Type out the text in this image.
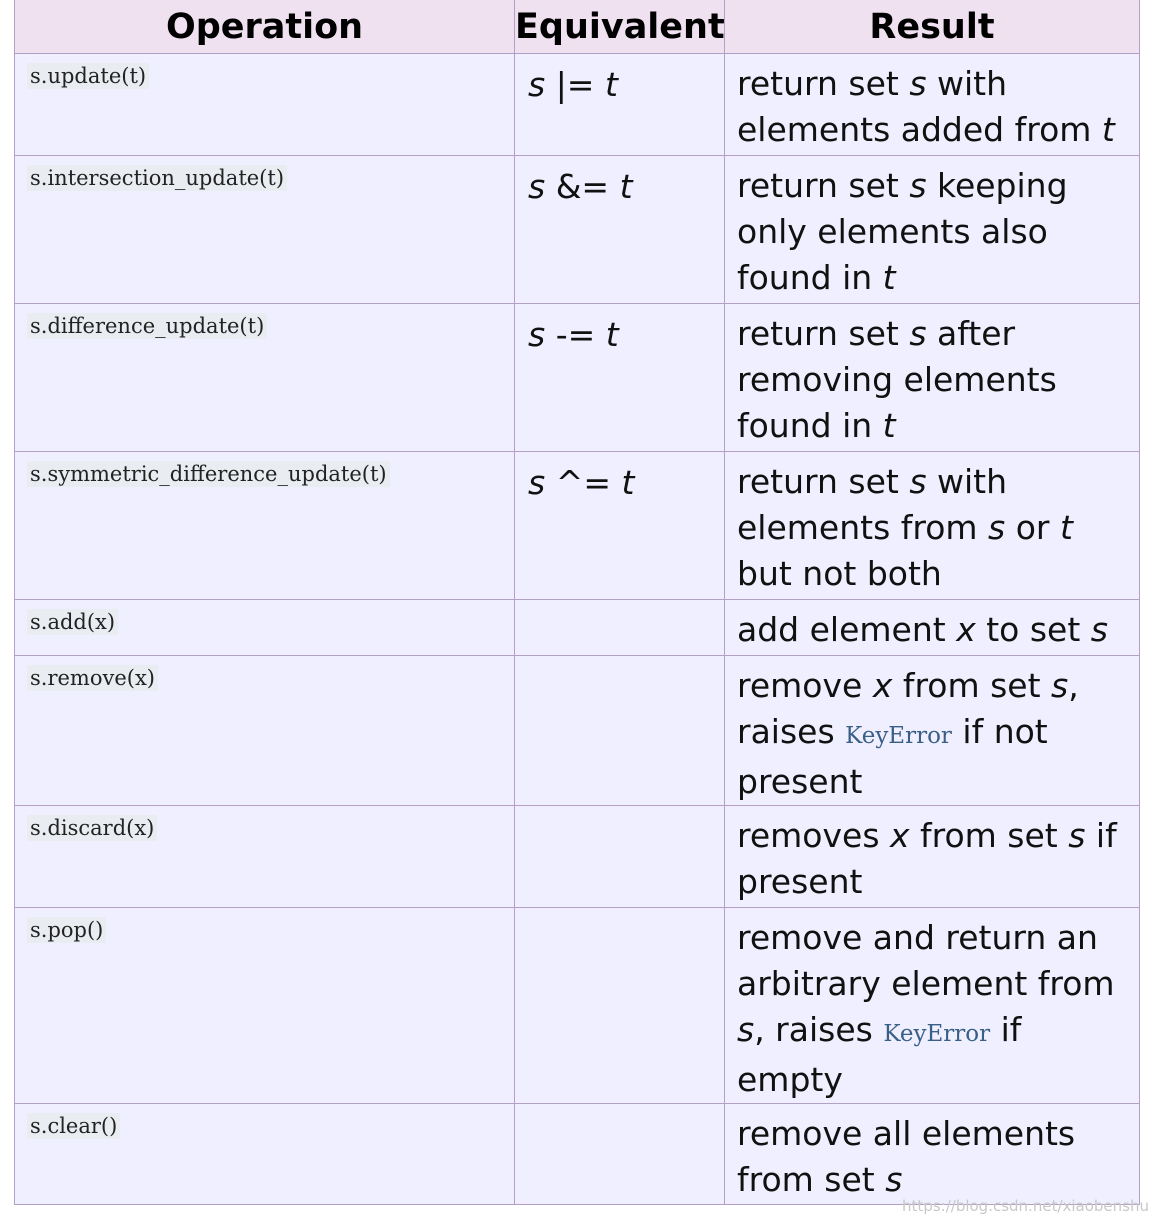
Operation	Equivalent	Result
s.update(t)	s |= t	return set s with elements added from t

s.intersection_update(t)	s &= t	return set s keeping only elements also found in t

s.difference_update(t)	s -= t	return set s after removing elements found in t

s.symmetric_difference_update(t)	s ^= t	return set s with elements from s or t but not both

s.add(x)		add element x to set s

s.remove(x)		remove x from set s, raises KeyError if not present

s.discard(x)		removes x from set s if present

s.pop()		remove and return an arbitrary element from s, raises KeyError if empty

s.clear()		remove all elements from set s
https://blog.csdn.net/xiaobenshu
